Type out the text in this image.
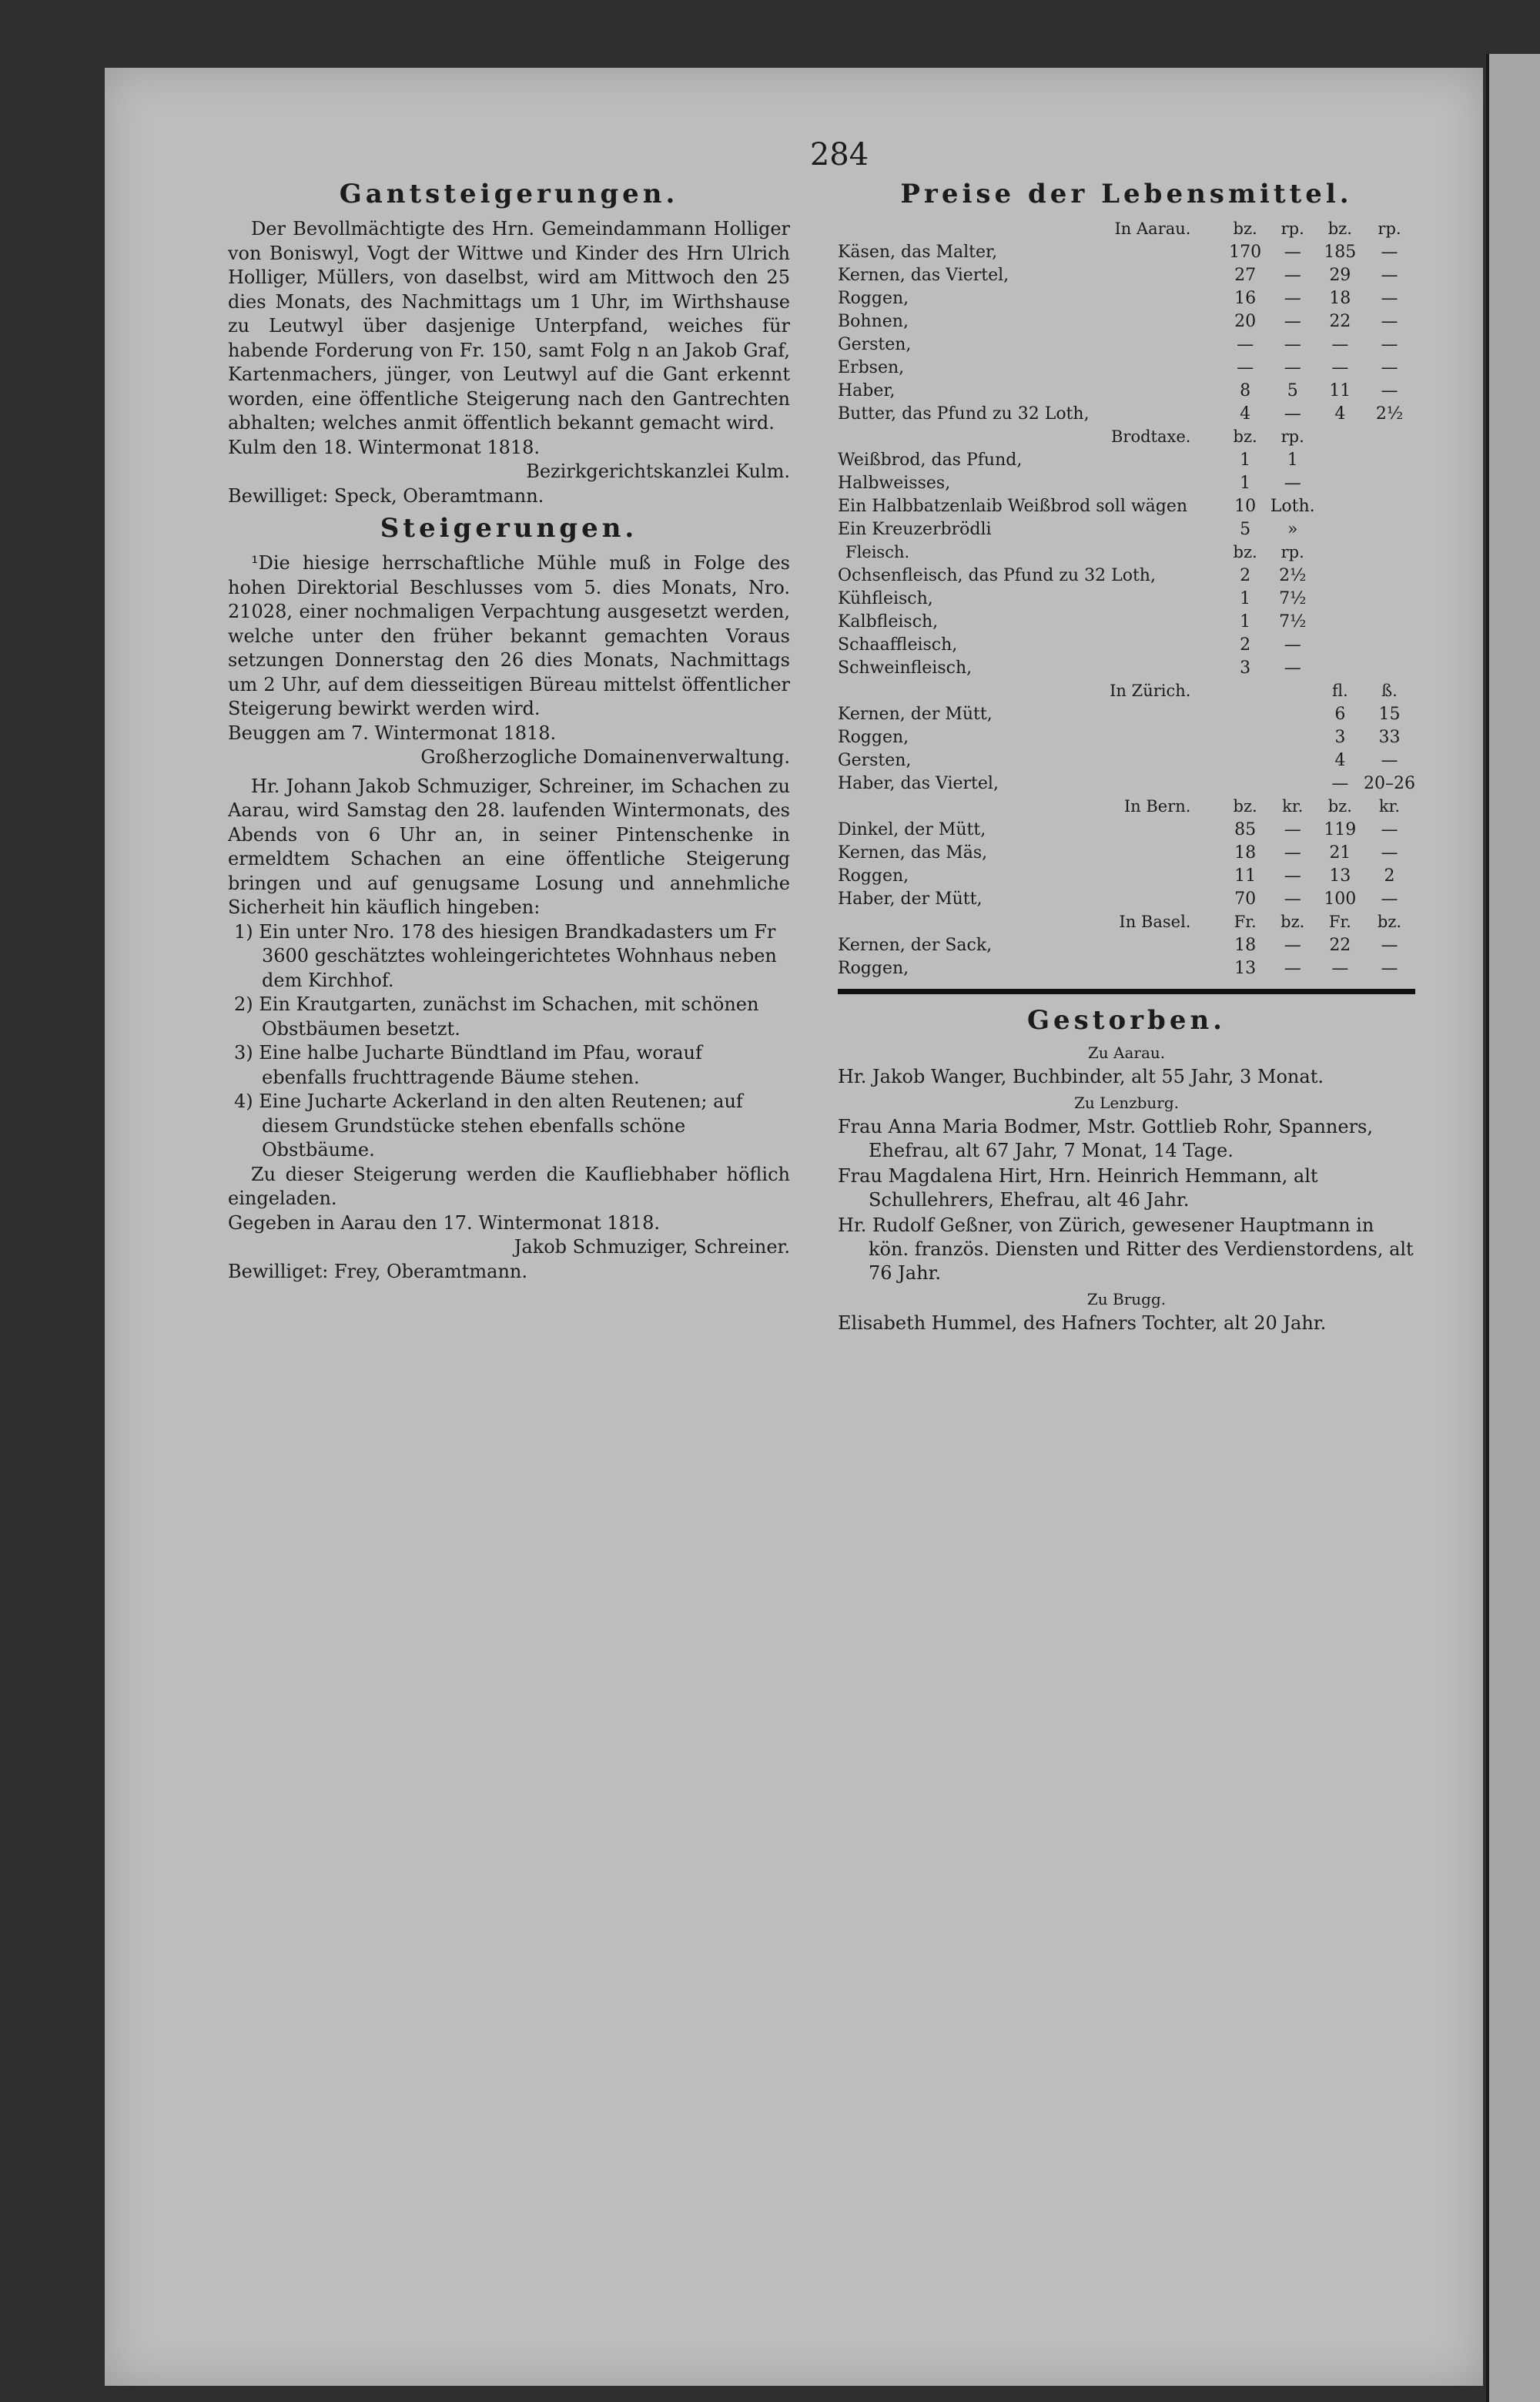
284
Gantsteigerungen.

Der Bevollmächtigte des Hrn. Gemeindammann Holliger von Boniswyl, Vogt der Wittwe und Kinder des Hrn Ulrich Holliger, Müllers, von daselbst, wird am Mittwoch den 25 dies Monats, des Nachmittags um 1 Uhr, im Wirthshause zu Leutwyl über dasjenige Unterpfand, weiches für habende Forderung von Fr. 150, samt Folg n an Jakob Graf, Kartenmachers, jünger, von Leutwyl auf die Gant erkennt worden, eine öffentliche Steigerung nach den Gantrechten abhalten; welches anmit öffentlich bekannt gemacht wird.

Kulm den 18. Wintermonat 1818.
Bezirkgerichtskanzlei Kulm.
Bewilliget: Speck, Oberamtmann.
Steigerungen.

¹Die hiesige herrschaftliche Mühle muß in Folge des hohen Direktorial Beschlusses vom 5. dies Monats, Nro. 21028, einer nochmaligen Verpachtung ausgesetzt werden, welche unter den früher bekannt gemachten Voraus setzungen Donnerstag den 26 dies Monats, Nachmittags um 2 Uhr, auf dem diesseitigen Büreau mittelst öffentlicher Steigerung bewirkt werden wird.

Beuggen am 7. Wintermonat 1818.
Großherzogliche Domainenverwaltung.

Hr. Johann Jakob Schmuziger, Schreiner, im Schachen zu Aarau, wird Samstag den 28. laufenden Wintermonats, des Abends von 6 Uhr an, in seiner Pintenschenke in ermeldtem Schachen an eine öffentliche Steigerung bringen und auf genugsame Losung und annehmliche Sicherheit hin käuflich hingeben:

1) Ein unter Nro. 178 des hiesigen Brandkadasters um Fr 3600 geschätztes wohleingerichtetes Wohnhaus neben dem Kirchhof.
2) Ein Krautgarten, zunächst im Schachen, mit schönen Obstbäumen besetzt.
3) Eine halbe Jucharte Bündtland im Pfau, worauf ebenfalls fruchttragende Bäume stehen.
4) Eine Jucharte Ackerland in den alten Reutenen; auf diesem Grundstücke stehen ebenfalls schöne Obstbäume.

Zu dieser Steigerung werden die Kaufliebhaber höflich eingeladen.

Gegeben in Aarau den 17. Wintermonat 1818.
Jakob Schmuziger, Schreiner.
Bewilliget: Frey, Oberamtmann.
Preise der Lebensmittel.
In Aarau.	bz.	rp.	bz.	rp.
Käsen, das Malter,	170	—	185	—
Kernen, das Viertel,	27	—	29	—
Roggen,	16	—	18	—
Bohnen,	20	—	22	—
Gersten,	—	—	—	—
Erbsen,	—	—	—	—
Haber,	8	5	11	—
Butter, das Pfund zu 32 Loth,	4	—	4	2½
Brodtaxe.	bz.	rp.		
Weißbrod, das Pfund,	1	1		
Halbweisses,	1	—		
Ein Halbbatzenlaib Weißbrod soll wägen	10	Loth.		
Ein Kreuzerbrödli	5	»		
Fleisch.	bz.	rp.		
Ochsenfleisch, das Pfund zu 32 Loth,	2	2½		
Kühfleisch,	1	7½		
Kalbfleisch,	1	7½		
Schaaffleisch,	2	—		
Schweinfleisch,	3	—		
In Zürich.			fl.	ß.
Kernen, der Mütt,			6	15
Roggen,			3	33
Gersten,			4	—
Haber, das Viertel,			—	20–26
In Bern.	bz.	kr.	bz.	kr.
Dinkel, der Mütt,	85	—	119	—
Kernen, das Mäs,	18	—	21	—
Roggen,	11	—	13	2
Haber, der Mütt,	70	—	100	—
In Basel.	Fr.	bz.	Fr.	bz.
Kernen, der Sack,	18	—	22	—
Roggen,	13	—	—	—
Gestorben.
Zu Aarau.
Hr. Jakob Wanger, Buchbinder, alt 55 Jahr, 3 Monat.
Zu Lenzburg.
Frau Anna Maria Bodmer, Mstr. Gottlieb Rohr, Spanners, Ehefrau, alt 67 Jahr, 7 Monat, 14 Tage.
Frau Magdalena Hirt, Hrn. Heinrich Hemmann, alt Schullehrers, Ehefrau, alt 46 Jahr.
Hr. Rudolf Geßner, von Zürich, gewesener Hauptmann in kön. französ. Diensten und Ritter des Verdienstordens, alt 76 Jahr.
Zu Brugg.
Elisabeth Hummel, des Hafners Tochter, alt 20 Jahr.
